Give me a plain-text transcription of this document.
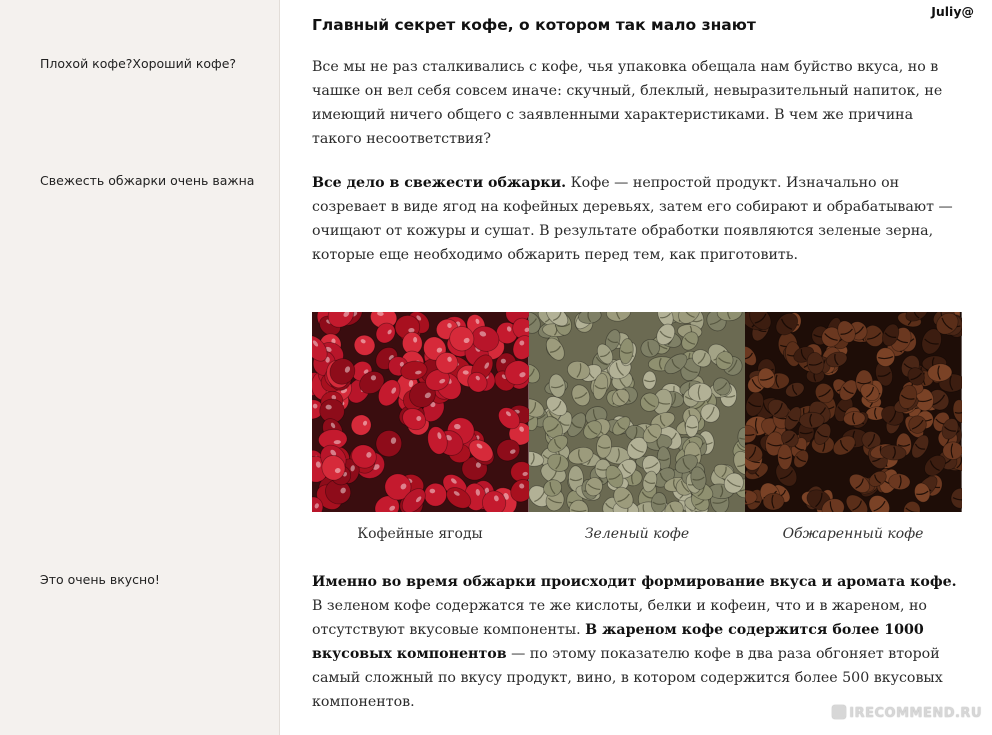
Плохой кофе?Хороший кофе?
Свежесть обжарки очень важна
Это очень вкусно!
Juliy@
Главный секрет кофе, о котором так мало знают

Все мы не раз сталкивались с кофе, чья упаковка обещала нам буйство вкуса, но в чашке он вел себя совсем иначе: скучный, блеклый, невыразительный напиток, не имеющий ничего общего с заявленными характеристиками. В чем же причина такого несоответствия?

Все дело в свежести обжарки. Кофе — непростой продукт. Изначально он созревает в виде ягод на кофейных деревьях, затем его собирают и обрабатывают — очищают от кожуры и сушат. В результате обработки появляются зеленые зерна, которые еще необходимо обжарить перед тем, как приготовить.

Кофейные ягоды	Зеленый кофе	Обжаренный кофе

Именно во время обжарки происходит формирование вкуса и аромата кофе. В зеленом кофе содержатся те же кислоты, белки и кофеин, что и в жареном, но отсутствуют вкусовые компоненты. В жареном кофе содержится более 1000 вкусовых компонентов — по этому показателю кофе в два раза обгоняет второй самый сложный по вкусу продукт, вино, в котором содержится более 500 вкусовых компонентов.

IRECOMMEND.RU
